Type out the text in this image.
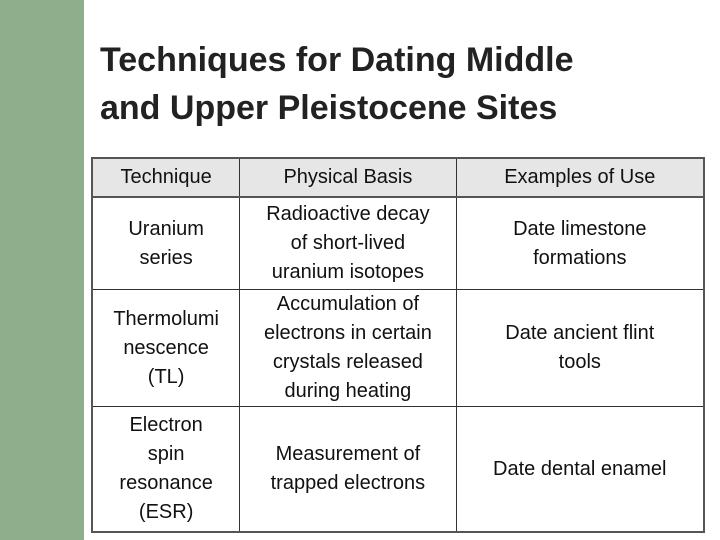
Techniques for Dating Middle
and Upper Pleistocene Sites
Technique	Physical Basis	Examples of Use

Uranium
series	Radioactive decay
of short-lived
uranium isotopes	Date limestone
formations

Thermolumi
nescence
(TL)	Accumulation of
electrons in certain
crystals released
during heating	Date ancient flint
tools

Electron
spin
resonance
(ESR)	Measurement of
trapped electrons	Date dental enamel
